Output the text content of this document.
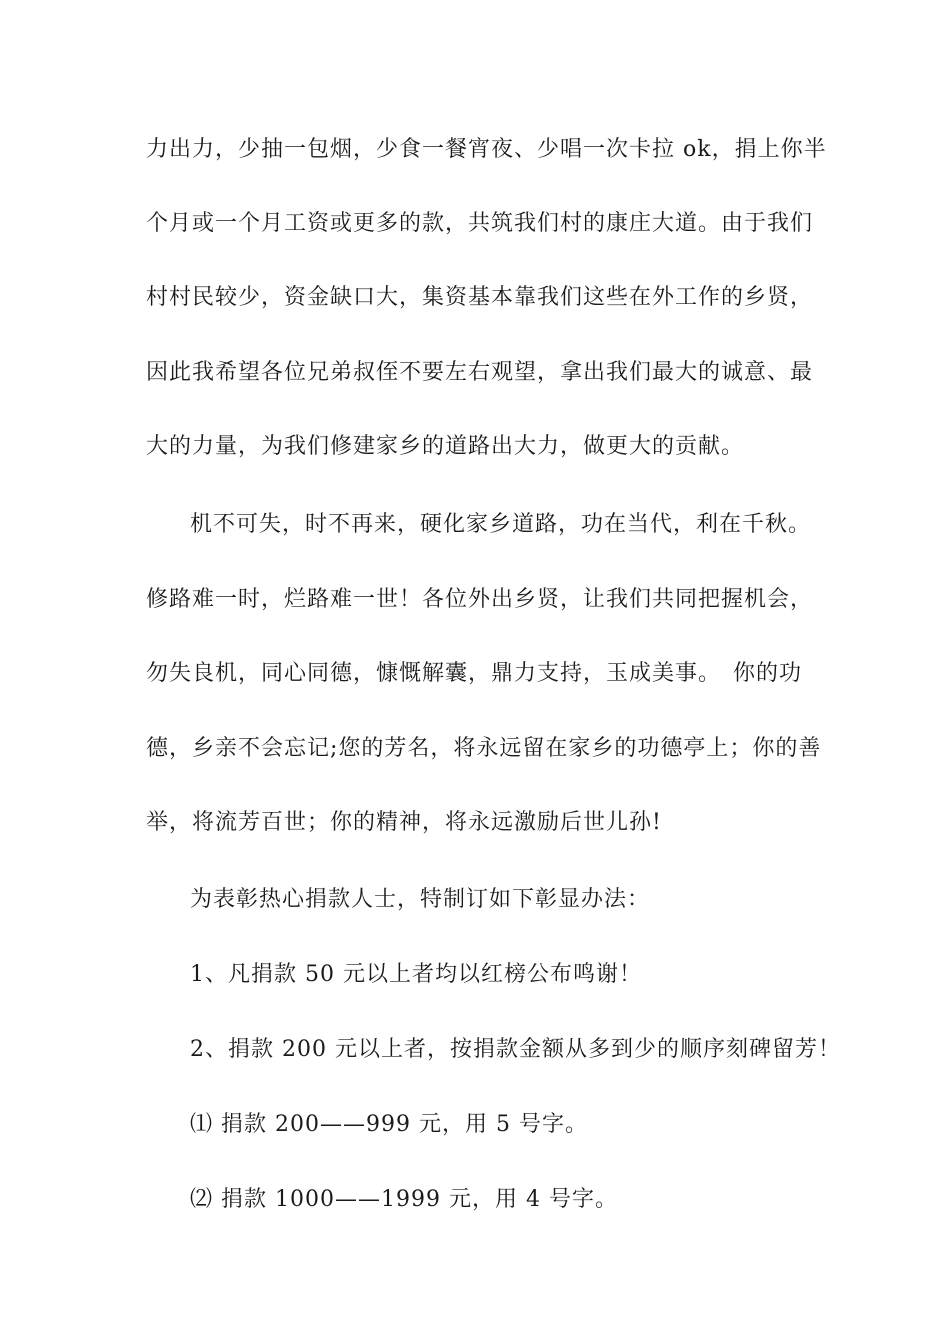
力出力，少抽一包烟，少食一餐宵夜、少唱一次卡拉 ok，捐上你半
个月或一个月工资或更多的款，共筑我们村的康庄大道。由于我们
村村民较少，资金缺口大，集资基本靠我们这些在外工作的乡贤，
因此我希望各位兄弟叔侄不要左右观望，拿出我们最大的诚意、最
大的力量，为我们修建家乡的道路出大力，做更大的贡献。
机不可失，时不再来，硬化家乡道路，功在当代，利在千秋。
修路难一时，烂路难一世！各位外出乡贤，让我们共同把握机会，
勿失良机，同心同德，慷慨解囊，鼎力支持，玉成美事。　你的功
德，乡亲不会忘记;您的芳名，将永远留在家乡的功德亭上；你的善
举，将流芳百世；你的精神，将永远激励后世儿孙!
为表彰热心捐款人士，特制订如下彰显办法：
1、凡捐款 50 元以上者均以红榜公布鸣谢！
2、捐款 200 元以上者，按捐款金额从多到少的顺序刻碑留芳！
⑴ 捐款 200——999 元，用 5 号字。
⑵ 捐款 1000——1999 元，用 4 号字。
